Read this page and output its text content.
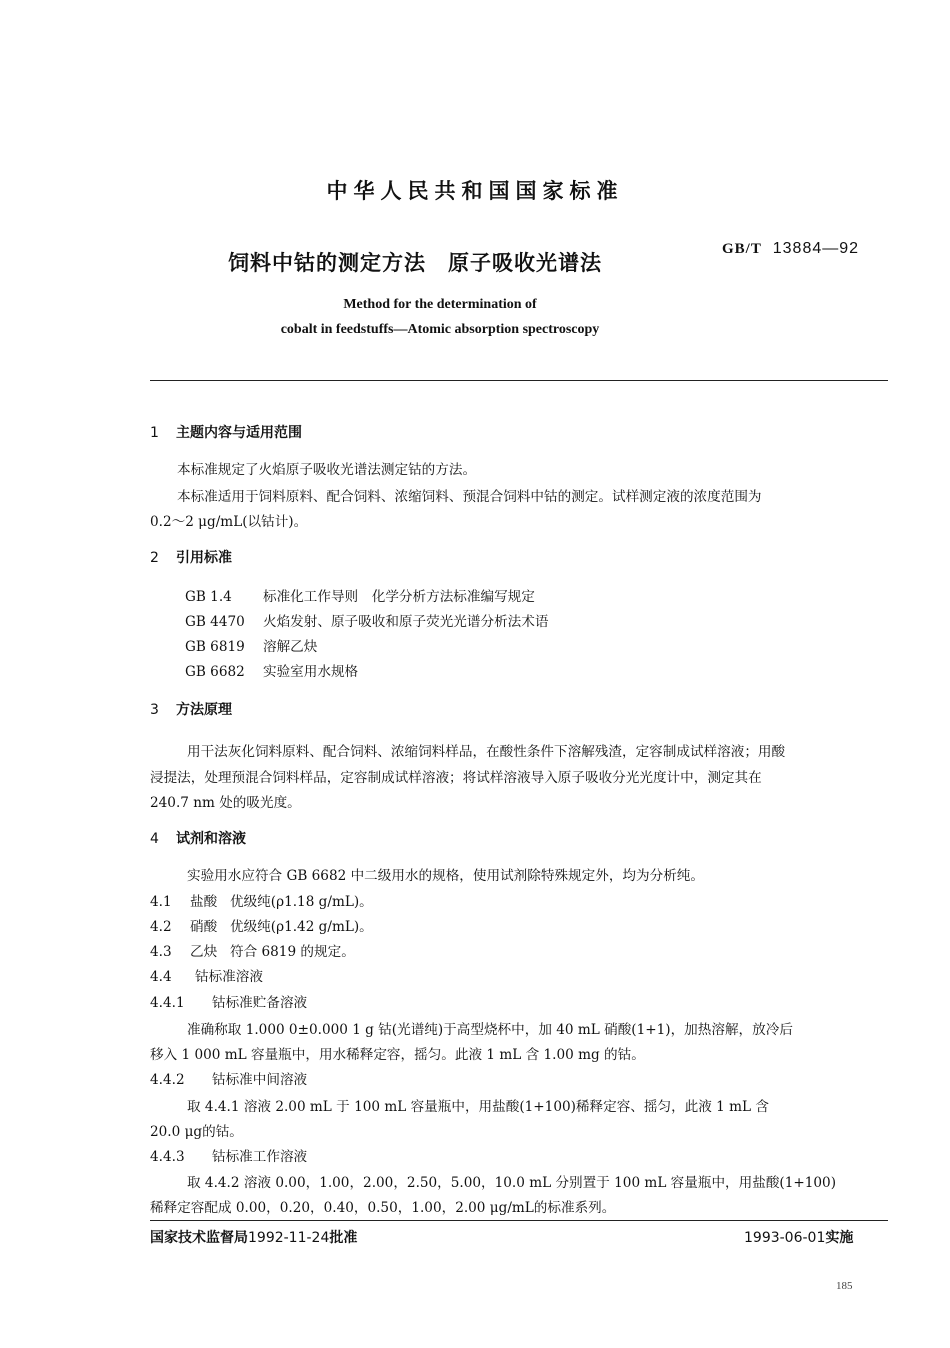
中华人民共和国国家标准
饲料中钴的测定方法　原子吸收光谱法
GB/T 13884—92
Method for the determination of
cobalt in feedstuffs—Atomic absorption spectroscopy
1 主题内容与适用范围
本标准规定了火焰原子吸收光谱法测定钴的方法。
本标准适用于饲料原料、配合饲料、浓缩饲料、预混合饲料中钴的测定。试样测定液的浓度范围为
0.2～2 μg/mL(以钴计)。
2 引用标准
GB 1.4 标准化工作导则　化学分析方法标准编写规定
GB 4470 火焰发射、原子吸收和原子荧光光谱分析法术语
GB 6819 溶解乙炔
GB 6682 实验室用水规格
3 方法原理
用干法灰化饲料原料、配合饲料、浓缩饲料样品，在酸性条件下溶解残渣，定容制成试样溶液；用酸
浸提法，处理预混合饲料样品，定容制成试样溶液；将试样溶液导入原子吸收分光光度计中，测定其在
240.7 nm 处的吸光度。
4 试剂和溶液
实验用水应符合 GB 6682 中二级用水的规格，使用试剂除特殊规定外，均为分析纯。
4.1 盐酸 优级纯(ρ1.18 g/mL)。
4.2 硝酸 优级纯(ρ1.42 g/mL)。
4.3 乙炔 符合 6819 的规定。
4.4 钴标准溶液
4.4.1 钴标准贮备溶液
准确称取 1.000 0±0.000 1 g 钴(光谱纯)于高型烧杯中，加 40 mL 硝酸(1+1)，加热溶解，放冷后
移入 1 000 mL 容量瓶中，用水稀释定容，摇匀。此液 1 mL 含 1.00 mg 的钴。
4.4.2 钴标准中间溶液
取 4.4.1 溶液 2.00 mL 于 100 mL 容量瓶中，用盐酸(1+100)稀释定容、摇匀，此液 1 mL 含
20.0 μg的钴。
4.4.3 钴标准工作溶液
取 4.4.2 溶液 0.00，1.00，2.00，2.50，5.00，10.0 mL 分别置于 100 mL 容量瓶中，用盐酸(1+100)
稀释定容配成 0.00，0.20，0.40，0.50，1.00，2.00 μg/mL的标准系列。
国家技术监督局1992-11-24批准	1993-06-01实施
185
